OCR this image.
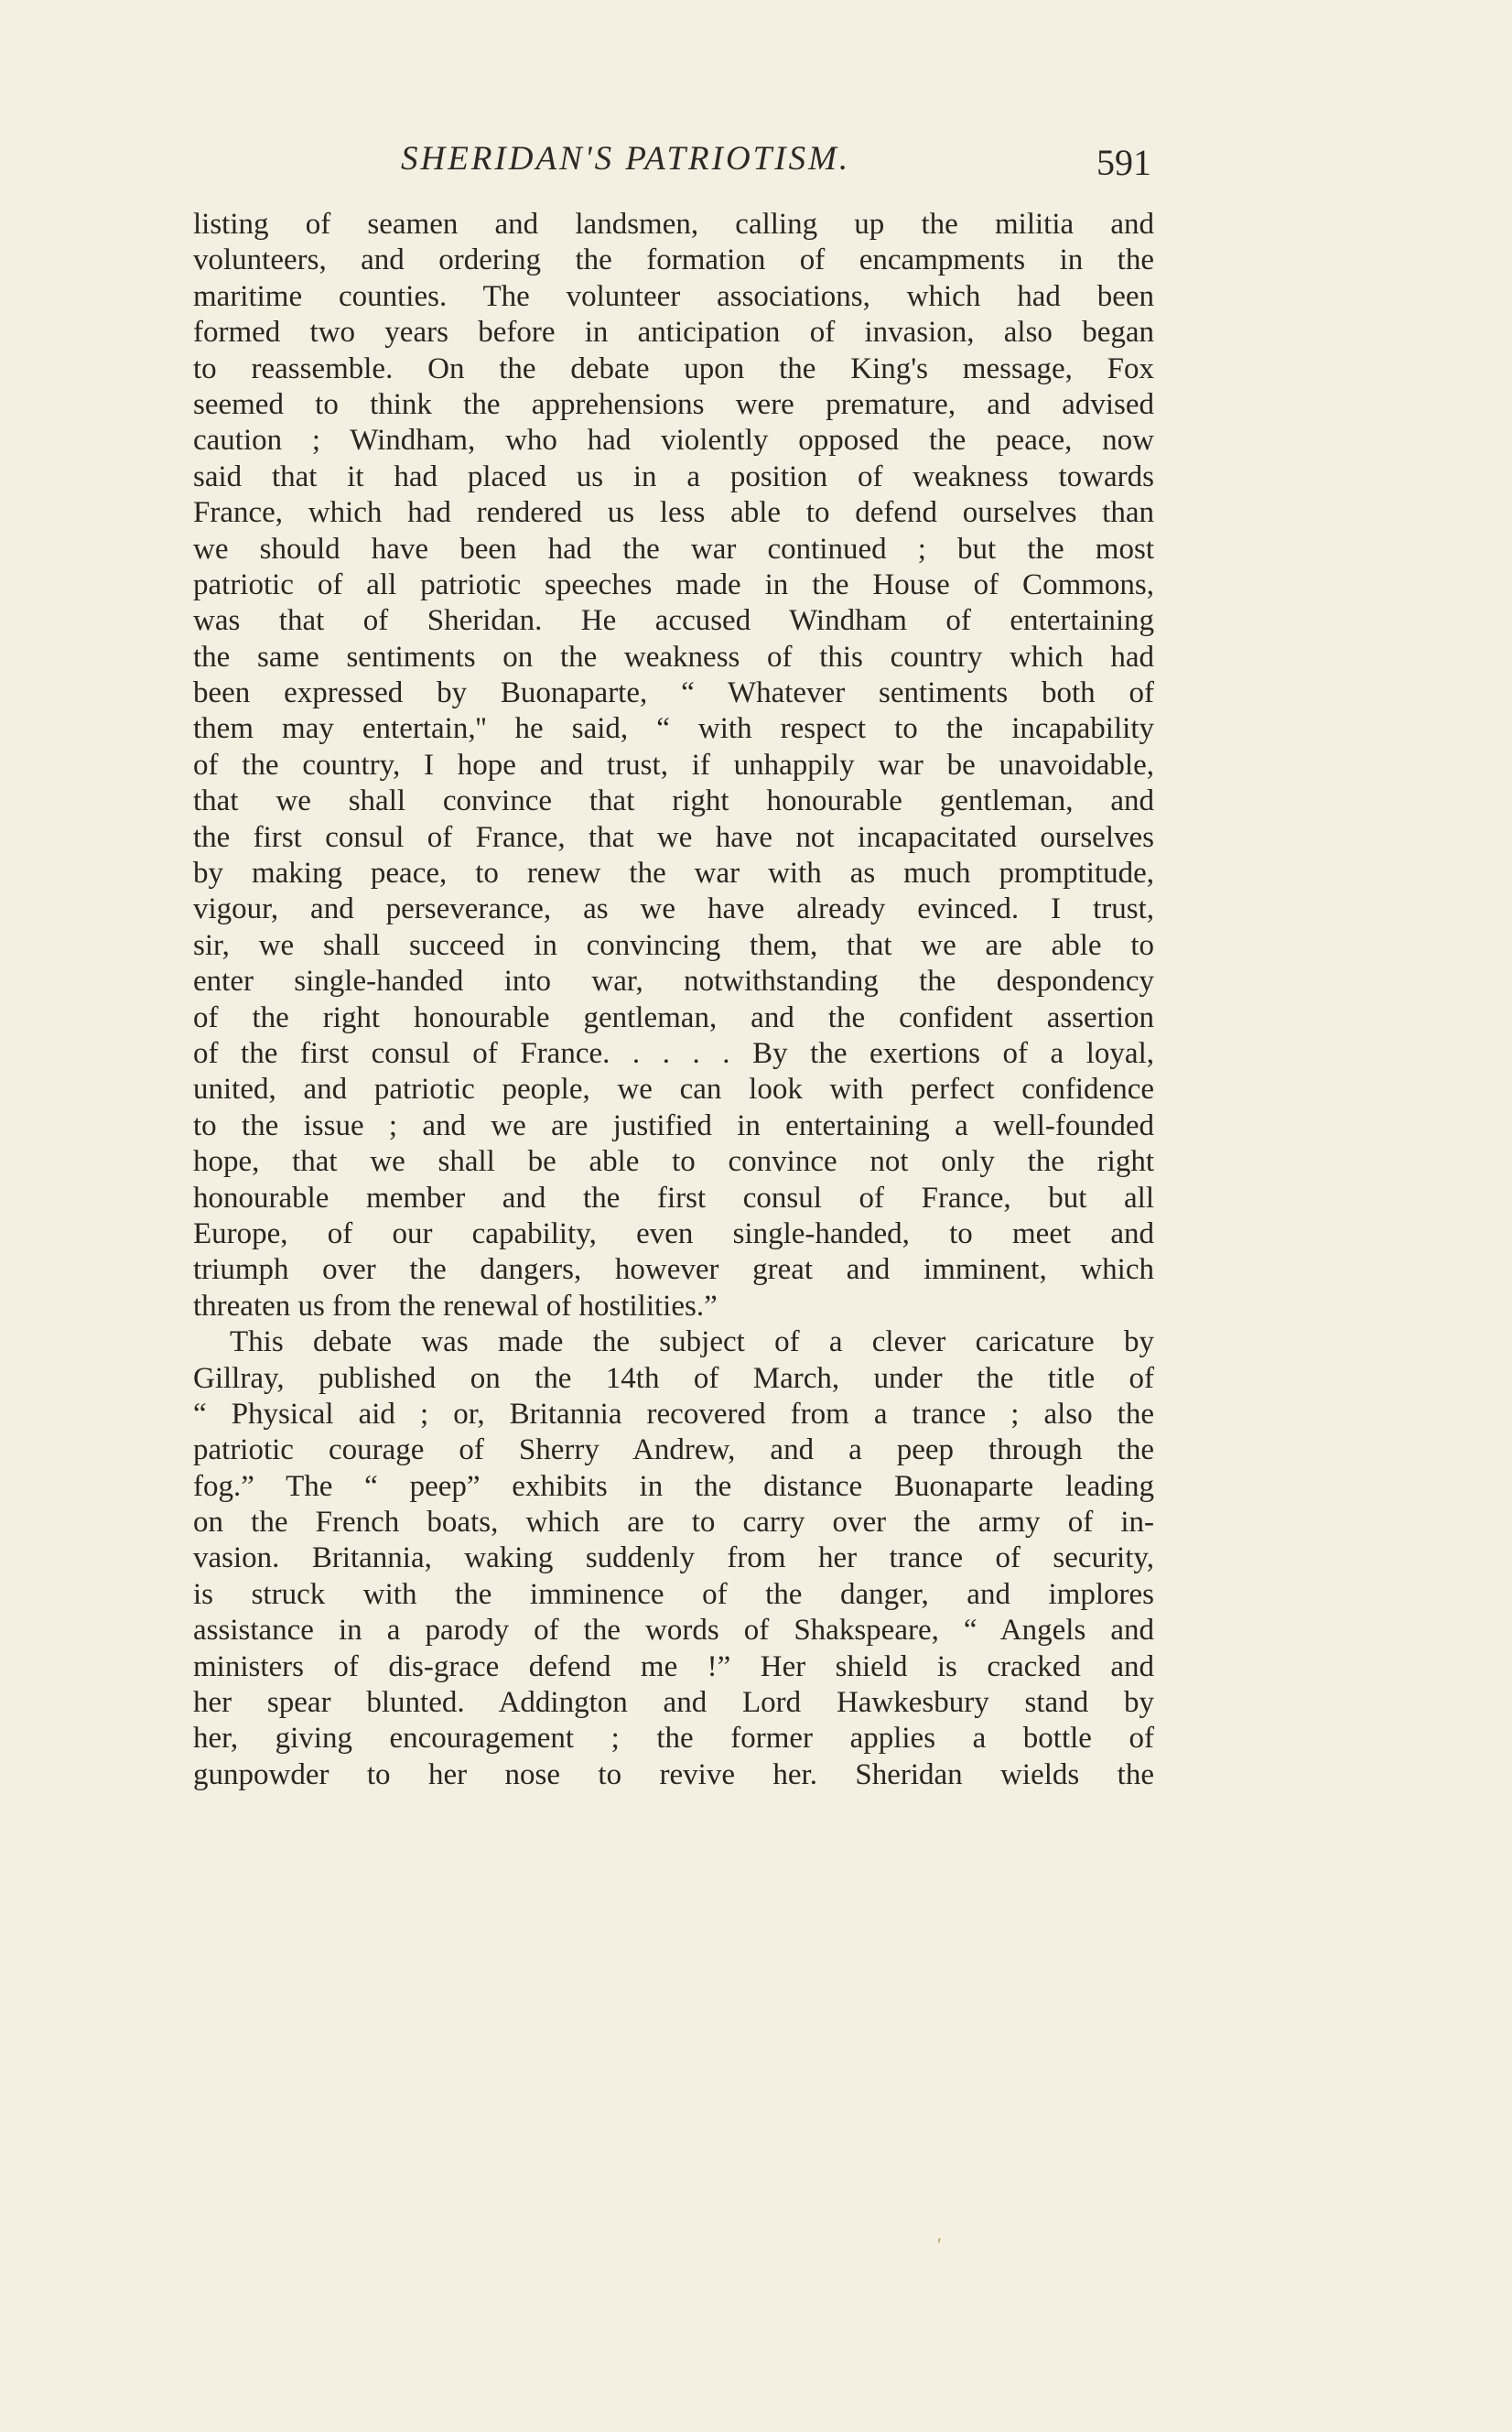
SHERIDAN'S PATRIOTISM.	591
listing of seamen and landsmen, calling up the militia and
volunteers, and ordering the formation of encampments in the
maritime counties. The volunteer associations, which had been
formed two years before in anticipation of invasion, also began
to reassemble. On the debate upon the King's message, Fox
seemed to think the apprehensions were premature, and advised
caution ; Windham, who had violently opposed the peace, now
said that it had placed us in a position of weakness towards
France, which had rendered us less able to defend ourselves than
we should have been had the war continued ; but the most
patriotic of all patriotic speeches made in the House of Commons,
was that of Sheridan. He accused Windham of entertaining
the same sentiments on the weakness of this country which had
been expressed by Buonaparte, “ Whatever sentiments both of
them may entertain,'' he said, “ with respect to the incapability
of the country, I hope and trust, if unhappily war be unavoidable,
that we shall convince that right honourable gentleman, and
the first consul of France, that we have not incapacitated ourselves
by making peace, to renew the war with as much promptitude,
vigour, and perseverance, as we have already evinced. I trust,
sir, we shall succeed in convincing them, that we are able to
enter single-handed into war, notwithstanding the despondency
of the right honourable gentleman, and the confident assertion
of the first consul of France. . . . . By the exertions of a loyal,
united, and patriotic people, we can look with perfect confidence
to the issue ; and we are justified in entertaining a well-founded
hope, that we shall be able to convince not only the right
honourable member and the first consul of France, but all
Europe, of our capability, even single-handed, to meet and
triumph over the dangers, however great and imminent, which
threaten us from the renewal of hostilities.”
This debate was made the subject of a clever caricature by
Gillray, published on the 14th of March, under the title of
“ Physical aid ; or, Britannia recovered from a trance ; also the
patriotic courage of Sherry Andrew, and a peep through the
fog.” The “ peep” exhibits in the distance Buonaparte leading
on the French boats, which are to carry over the army of in-
vasion. Britannia, waking suddenly from her trance of security,
is struck with the imminence of the danger, and implores
assistance in a parody of the words of Shakspeare, “ Angels and
ministers of dis-grace defend me !” Her shield is cracked and
her spear blunted. Addington and Lord Hawkesbury stand by
her, giving encouragement ; the former applies a bottle of
gunpowder to her nose to revive her. Sheridan wields the
′
